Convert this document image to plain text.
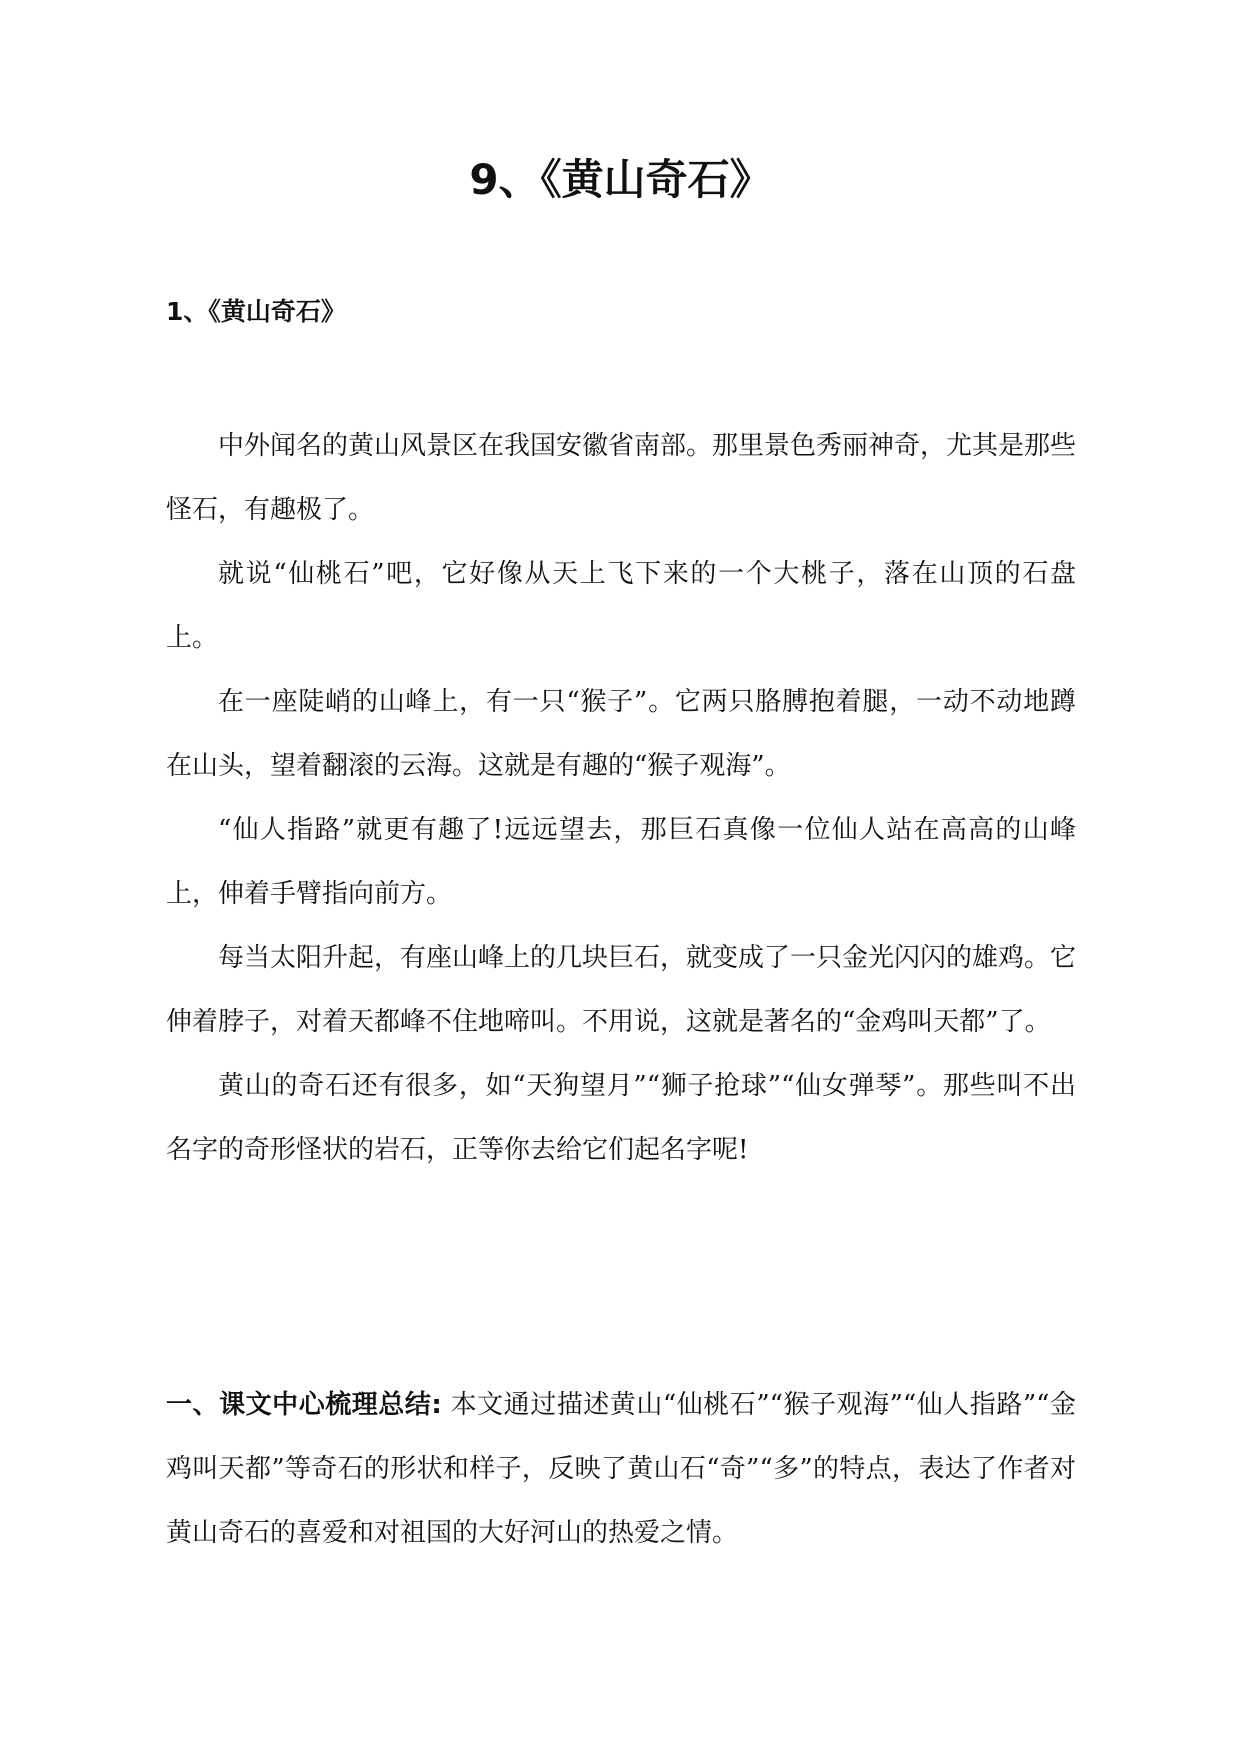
9、《黄山奇石》
1、《黄山奇石》

中外闻名的黄山风景区在我国安徽省南部。那里景色秀丽神奇，尤其是那些怪石，有趣极了。

就说“仙桃石”吧，它好像从天上飞下来的一个大桃子，落在山顶的石盘上。

在一座陡峭的山峰上，有一只“猴子”。它两只胳膊抱着腿，一动不动地蹲在山头，望着翻滚的云海。这就是有趣的“猴子观海”。

“仙人指路”就更有趣了!远远望去，那巨石真像一位仙人站在高高的山峰上，伸着手臂指向前方。

每当太阳升起，有座山峰上的几块巨石，就变成了一只金光闪闪的雄鸡。它伸着脖子，对着天都峰不住地啼叫。不用说，这就是著名的“金鸡叫天都”了。

黄山的奇石还有很多，如“天狗望月”“狮子抢球”“仙女弹琴”。那些叫不出名字的奇形怪状的岩石，正等你去给它们起名字呢!

一、课文中心梳理总结: 本文通过描述黄山“仙桃石”“猴子观海”“仙人指路”“金鸡叫天都”等奇石的形状和样子，反映了黄山石“奇”“多”的特点，表达了作者对黄山奇石的喜爱和对祖国的大好河山的热爱之情。
